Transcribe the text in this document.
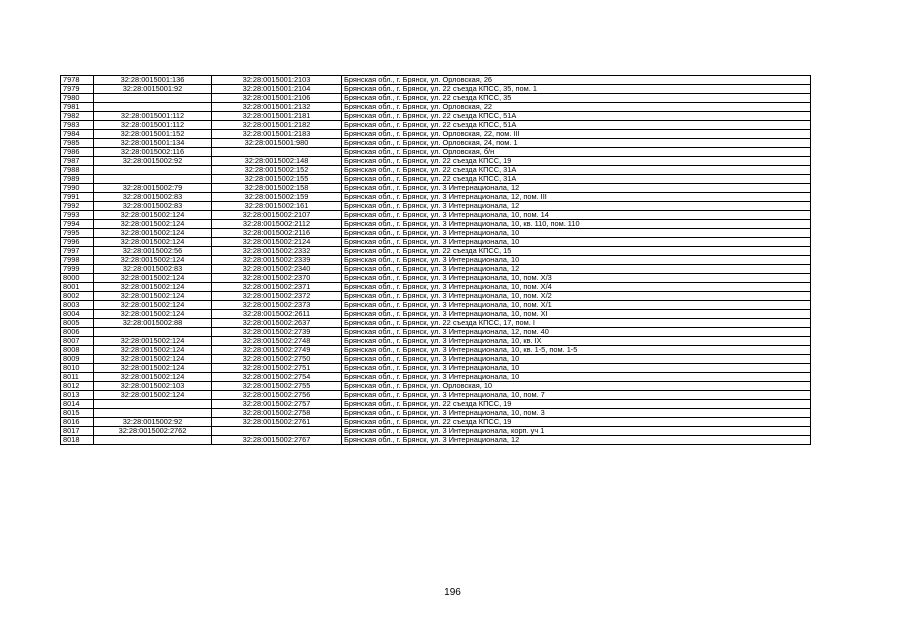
7978	32:28:0015001:136	32:28:0015001:2103	Брянская обл., г. Брянск, ул. Орловская, 26
7979	32:28:0015001:92	32:28:0015001:2104	Брянская обл., г. Брянск, ул. 22 съезда КПСС, 35, пом. 1
7980		32:28:0015001:2106	Брянская обл., г. Брянск, ул. 22 съезда КПСС, 35
7981		32:28:0015001:2132	Брянская обл., г. Брянск, ул. Орловская, 22
7982	32:28:0015001:112	32:28:0015001:2181	Брянская обл., г. Брянск, ул. 22 съезда КПСС, 51А
7983	32:28:0015001:112	32:28:0015001:2182	Брянская обл., г. Брянск, ул. 22 съезда КПСС, 51А
7984	32:28:0015001:152	32:28:0015001:2183	Брянская обл., г. Брянск, ул. Орловская, 22, пом. III
7985	32:28:0015001:134	32:28:0015001:980	Брянская обл., г. Брянск, ул. Орловская, 24, пом. 1
7986	32:28:0015002:116		Брянская обл., г. Брянск, ул. Орловская, б/н
7987	32:28:0015002:92	32:28:0015002:148	Брянская обл., г. Брянск, ул. 22 съезда КПСС, 19
7988		32:28:0015002:152	Брянская обл., г. Брянск, ул. 22 съезда КПСС, 31А
7989		32:28:0015002:155	Брянская обл., г. Брянск, ул. 22 съезда КПСС, 31А
7990	32:28:0015002:79	32:28:0015002:158	Брянская обл., г. Брянск, ул. 3 Интернационала, 12
7991	32:28:0015002:83	32:28:0015002:159	Брянская обл., г. Брянск, ул. 3 Интернационала, 12, пом. III
7992	32:28:0015002:83	32:28:0015002:161	Брянская обл., г. Брянск, ул. 3 Интернационала, 12
7993	32:28:0015002:124	32:28:0015002:2107	Брянская обл., г. Брянск, ул. 3 Интернационала, 10, пом. 14
7994	32:28:0015002:124	32:28:0015002:2112	Брянская обл., г. Брянск, ул. 3 Интернационала, 10, кв. 110, пом. 110
7995	32:28:0015002:124	32:28:0015002:2116	Брянская обл., г. Брянск, ул. 3 Интернационала, 10
7996	32:28:0015002:124	32:28:0015002:2124	Брянская обл., г. Брянск, ул. 3 Интернационала, 10
7997	32:28:0015002:56	32:28:0015002:2332	Брянская обл., г. Брянск, ул. 22 съезда КПСС, 15
7998	32:28:0015002:124	32:28:0015002:2339	Брянская обл., г. Брянск, ул. 3 Интернационала, 10
7999	32:28:0015002:83	32:28:0015002:2340	Брянская обл., г. Брянск, ул. 3 Интернационала, 12
8000	32:28:0015002:124	32:28:0015002:2370	Брянская обл., г. Брянск, ул. 3 Интернационала, 10, пом. Х/3
8001	32:28:0015002:124	32:28:0015002:2371	Брянская обл., г. Брянск, ул. 3 Интернационала, 10, пом. Х/4
8002	32:28:0015002:124	32:28:0015002:2372	Брянская обл., г. Брянск, ул. 3 Интернационала, 10, пом. Х/2
8003	32:28:0015002:124	32:28:0015002:2373	Брянская обл., г. Брянск, ул. 3 Интернационала, 10, пом. Х/1
8004	32:28:0015002:124	32:28:0015002:2611	Брянская обл., г. Брянск, ул. 3 Интернационала, 10, пом. XI
8005	32:28:0015002:88	32:28:0015002:2637	Брянская обл., г. Брянск, ул. 22 съезда КПСС, 17, пом. I
8006		32:28:0015002:2739	Брянская обл., г. Брянск, ул. 3 Интернационала, 12, пом. 40
8007	32:28:0015002:124	32:28:0015002:2748	Брянская обл., г. Брянск, ул. 3 Интернационала, 10, кв. IX
8008	32:28:0015002:124	32:28:0015002:2749	Брянская обл., г. Брянск, ул. 3 Интернационала, 10, кв. 1-5, пом. 1-5
8009	32:28:0015002:124	32:28:0015002:2750	Брянская обл., г. Брянск, ул. 3 Интернационала, 10
8010	32:28:0015002:124	32:28:0015002:2751	Брянская обл., г. Брянск, ул. 3 Интернационала, 10
8011	32:28:0015002:124	32:28:0015002:2754	Брянская обл., г. Брянск, ул. 3 Интернационала, 10
8012	32:28:0015002:103	32:28:0015002:2755	Брянская обл., г. Брянск, ул. Орловская, 10
8013	32:28:0015002:124	32:28:0015002:2756	Брянская обл., г. Брянск, ул. 3 Интернационала, 10, пом. 7
8014		32:28:0015002:2757	Брянская обл., г. Брянск, ул. 22 съезда КПСС, 19
8015		32:28:0015002:2758	Брянская обл., г. Брянск, ул. 3 Интернационала, 10, пом. 3
8016	32:28:0015002:92	32:28:0015002:2761	Брянская обл., г. Брянск, ул. 22 съезда КПСС, 19
8017	32:28:0015002:2762		Брянская обл., г. Брянск, ул. 3 Интернационала, корп. уч 1
8018		32:28:0015002:2767	Брянская обл., г. Брянск, ул. 3 Интернационала, 12
196
